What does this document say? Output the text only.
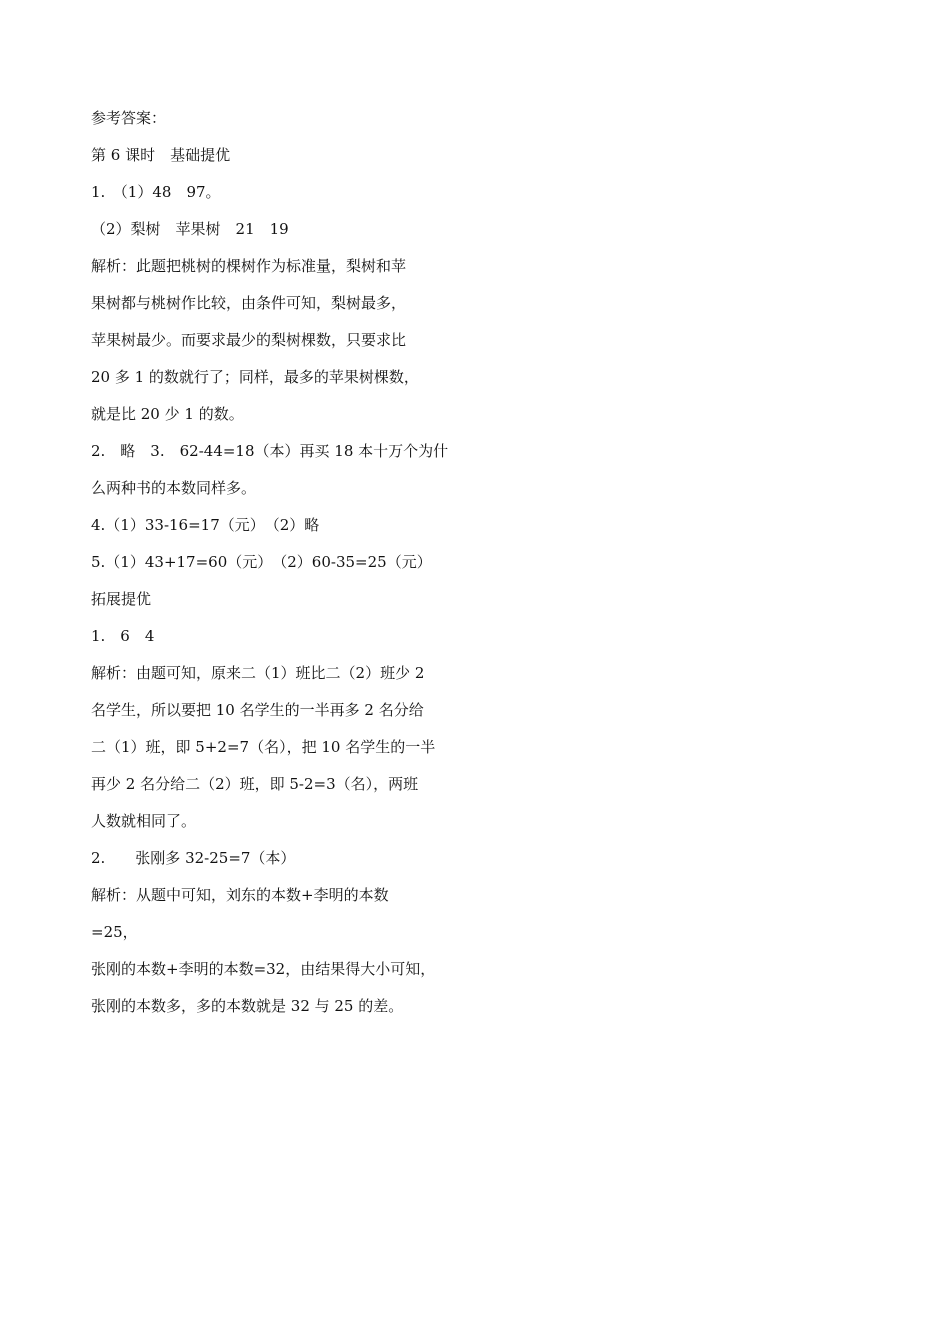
参考答案：
第 6 课时　基础提优
1.　（1）48　97。
（2）梨树　苹果树　21　19
解析：此题把桃树的棵树作为标准量，梨树和苹
果树都与桃树作比较，由条件可知，梨树最多，
苹果树最少。而要求最少的梨树棵数，只要求比
20 多 1 的数就行了；同样，最多的苹果树棵数，
就是比 20 少 1 的数。
2.　略　3.　62-44=18（本）再买 18 本十万个为什
么两种书的本数同样多。
4.（1）33-16=17（元）　（2）略
5.（1）43+17=60（元）　（2）60-35=25（元）
拓展提优
1.　6　4
解析：由题可知，原来二（1）班比二（2）班少 2
名学生，所以要把 10 名学生的一半再多 2 名分给
二（1）班，即 5+2=7（名），把 10 名学生的一半
再少 2 名分给二（2）班，即 5-2=3（名），两班
人数就相同了。
2.　　张刚多 32-25=7（本）
解析：从题中可知，刘东的本数+李明的本数
=25，
张刚的本数+李明的本数=32，由结果得大小可知，
张刚的本数多，多的本数就是 32 与 25 的差。
